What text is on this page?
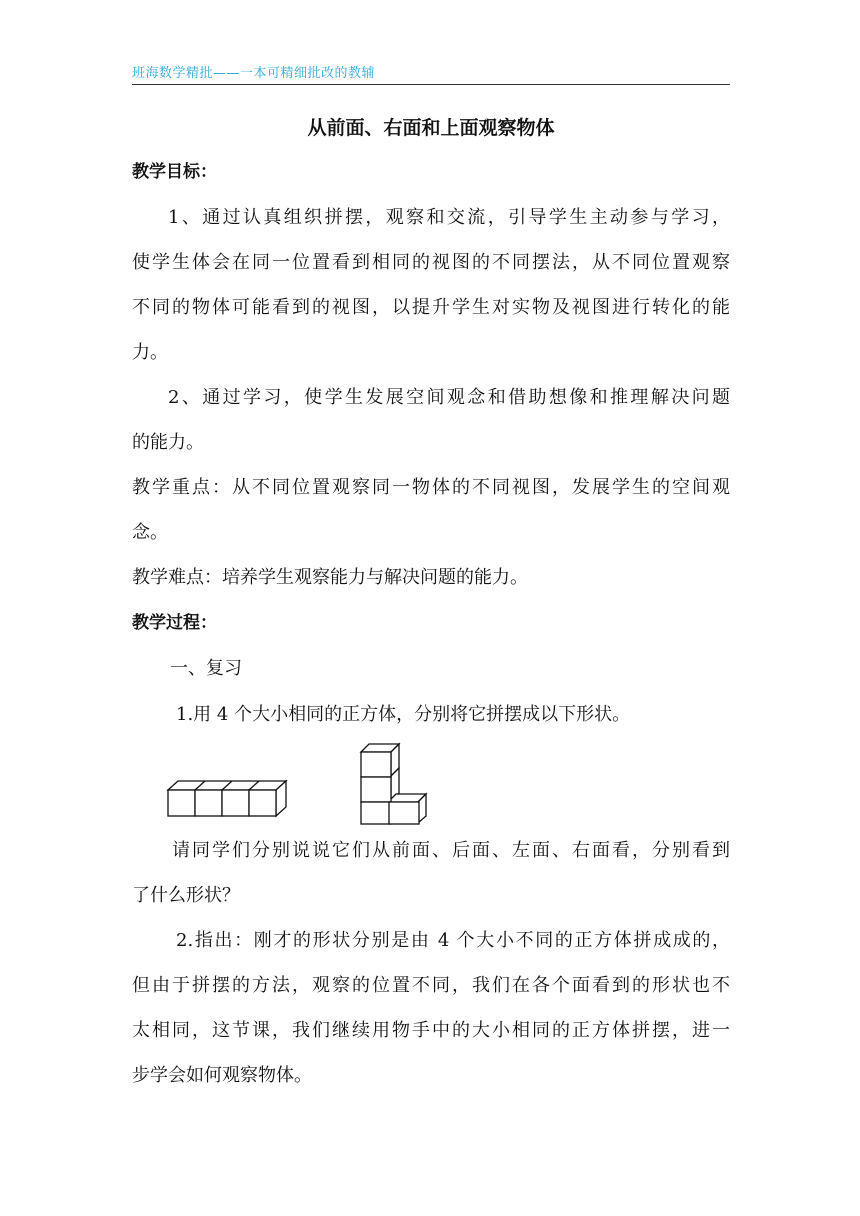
班海数学精批——一本可精细批改的教辅
从前面、右面和上面观察物体
教学目标：
1、通过认真组织拼摆，观察和交流，引导学生主动参与学习，
使学生体会在同一位置看到相同的视图的不同摆法，从不同位置观察
不同的物体可能看到的视图，以提升学生对实物及视图进行转化的能
力。
2、通过学习，使学生发展空间观念和借助想像和推理解决问题
的能力。
教学重点：从不同位置观察同一物体的不同视图，发展学生的空间观
念。
教学难点：培养学生观察能力与解决问题的能力。
教学过程：
一、复习
1.用 4 个大小相同的正方体，分别将它拼摆成以下形状。
请同学们分别说说它们从前面、后面、左面、右面看，分别看到
了什么形状？
2.指出：刚才的形状分别是由 4 个大小不同的正方体拼成成的，
但由于拼摆的方法，观察的位置不同，我们在各个面看到的形状也不
太相同，这节课，我们继续用物手中的大小相同的正方体拼摆，进一
步学会如何观察物体。
